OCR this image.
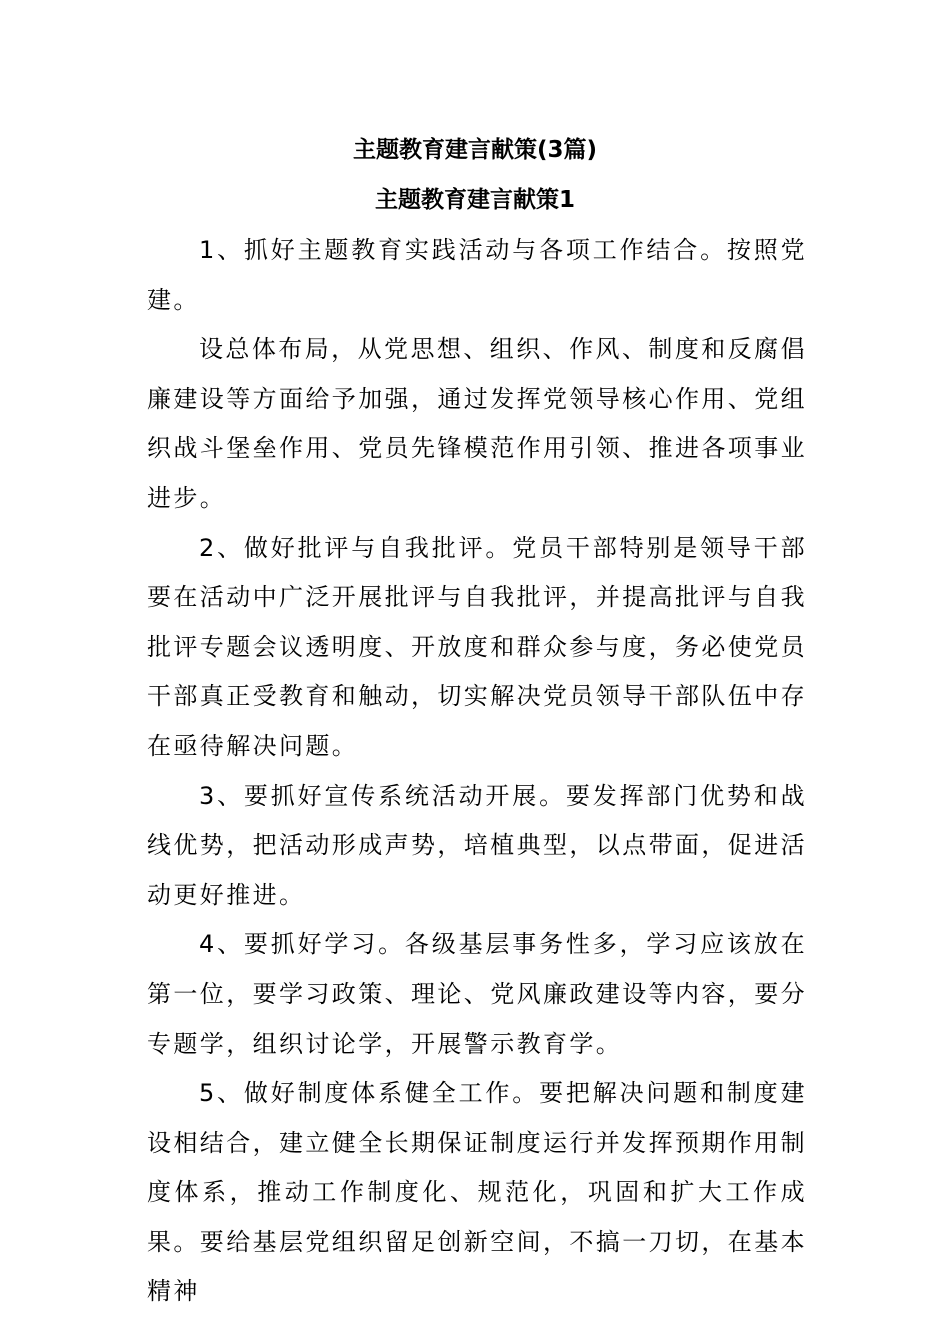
主题教育建言献策(3篇)
主题教育建言献策1

1、抓好主题教育实践活动与各项工作结合。按照党建。

设总体布局，从党思想、组织、作风、制度和反腐倡廉建设等方面给予加强，通过发挥党领导核心作用、党组织战斗堡垒作用、党员先锋模范作用引领、推进各项事业进步。

2、做好批评与自我批评。党员干部特别是领导干部要在活动中广泛开展批评与自我批评，并提高批评与自我批评专题会议透明度、开放度和群众参与度，务必使党员干部真正受教育和触动，切实解决党员领导干部队伍中存在亟待解决问题。

3、要抓好宣传系统活动开展。要发挥部门优势和战线优势，把活动形成声势，培植典型，以点带面，促进活动更好推进。

4、要抓好学习。各级基层事务性多，学习应该放在第一位，要学习政策、理论、党风廉政建设等内容，要分专题学，组织讨论学，开展警示教育学。

5、做好制度体系健全工作。要把解决问题和制度建设相结合，建立健全长期保证制度运行并发挥预期作用制度体系，推动工作制度化、规范化，巩固和扩大工作成果。要给基层党组织留足创新空间，不搞一刀切，在基本精神
